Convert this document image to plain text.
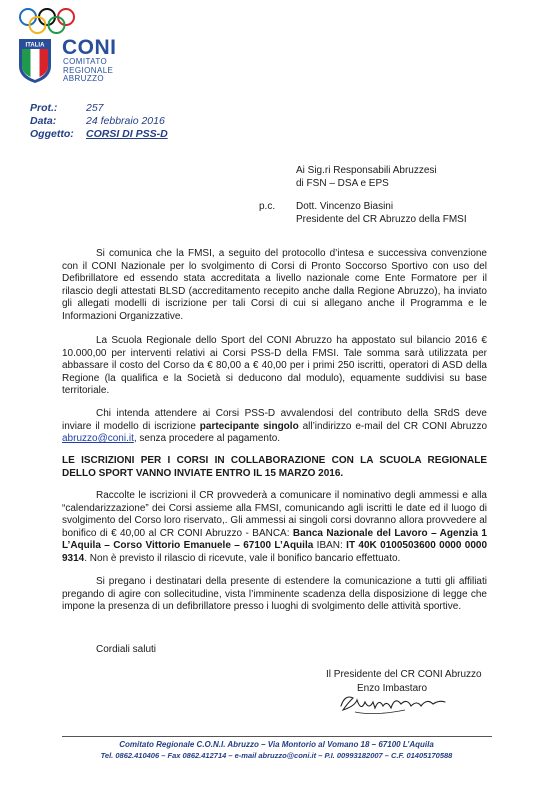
ITALIA CONI
COMITATO
REGIONALE
ABRUZZO
Prot.:	257
Data:	24 febbraio 2016
Oggetto: CORSI DI PSS-D
Ai Sig.ri Responsabili Abruzzesi
di FSN – DSA e EPS
p.c. Dott. Vincenzo Biasini
Presidente del CR Abruzzo della FMSI

Si comunica che la FMSI, a seguito del protocollo d’intesa e successiva convenzione con il CONI Nazionale per lo svolgimento di Corsi di Pronto Soccorso Sportivo con uso del Defibrillatore ed essendo stata accreditata a livello nazionale come Ente Formatore per il rilascio degli attestati BLSD (accreditamento recepito anche dalla Regione Abruzzo), ha inviato gli allegati modelli di iscrizione per tali Corsi di cui si allegano anche il Programma e le Informazioni Organizzative.

La Scuola Regionale dello Sport del CONI Abruzzo ha appostato sul bilancio 2016 € 10.000,00 per interventi relativi ai Corsi PSS-D della FMSI. Tale somma sarà utilizzata per abbassare il costo del Corso da € 80,00 a € 40,00 per i primi 250 iscritti, operatori di ASD della Regione (la qualifica e la Società si deducono dal modulo), equamente suddivisi su base territoriale.

Chi intenda attendere ai Corsi PSS-D avvalendosi del contributo della SRdS deve inviare il modello di iscrizione partecipante singolo all’indirizzo e-mail del CR CONI Abruzzo abruzzo@coni.it, senza procedere al pagamento.

LE ISCRIZIONI PER I CORSI IN COLLABORAZIONE CON LA SCUOLA REGIONALE DELLO SPORT VANNO INVIATE ENTRO IL 15 MARZO 2016.

Raccolte le iscrizioni il CR provvederà a comunicare il nominativo degli ammessi e alla “calendarizzazione” dei Corsi assieme alla FMSI, comunicando agli iscritti le date ed il luogo di svolgimento del Corso loro riservato,. Gli ammessi ai singoli corsi dovranno allora provvedere al bonifico di € 40,00 al CR CONI Abruzzo - BANCA: Banca Nazionale del Lavoro – Agenzia 1 L’Aquila – Corso Vittorio Emanuele – 67100 L’Aquila IBAN: IT 40K 0100503600 0000 0000 9314. Non è previsto il rilascio di ricevute, vale il bonifico bancario effettuato.

Si pregano i destinatari della presente di estendere la comunicazione a tutti gli affiliati pregando di agire con sollecitudine, vista l’imminente scadenza della disposizione di legge che impone la presenza di un defibrillatore presso i luoghi di svolgimento delle attività sportive.

Cordiali saluti
Il Presidente del CR CONI Abruzzo
Enzo Imbastaro
Comitato Regionale C.O.N.I. Abruzzo – Via Montorio al Vomano 18 – 67100 L’Aquila
Tel. 0862.410406 – Fax 0862.412714 – e-mail abruzzo@coni.it – P.I. 00993182007 – C.F. 01405170588
